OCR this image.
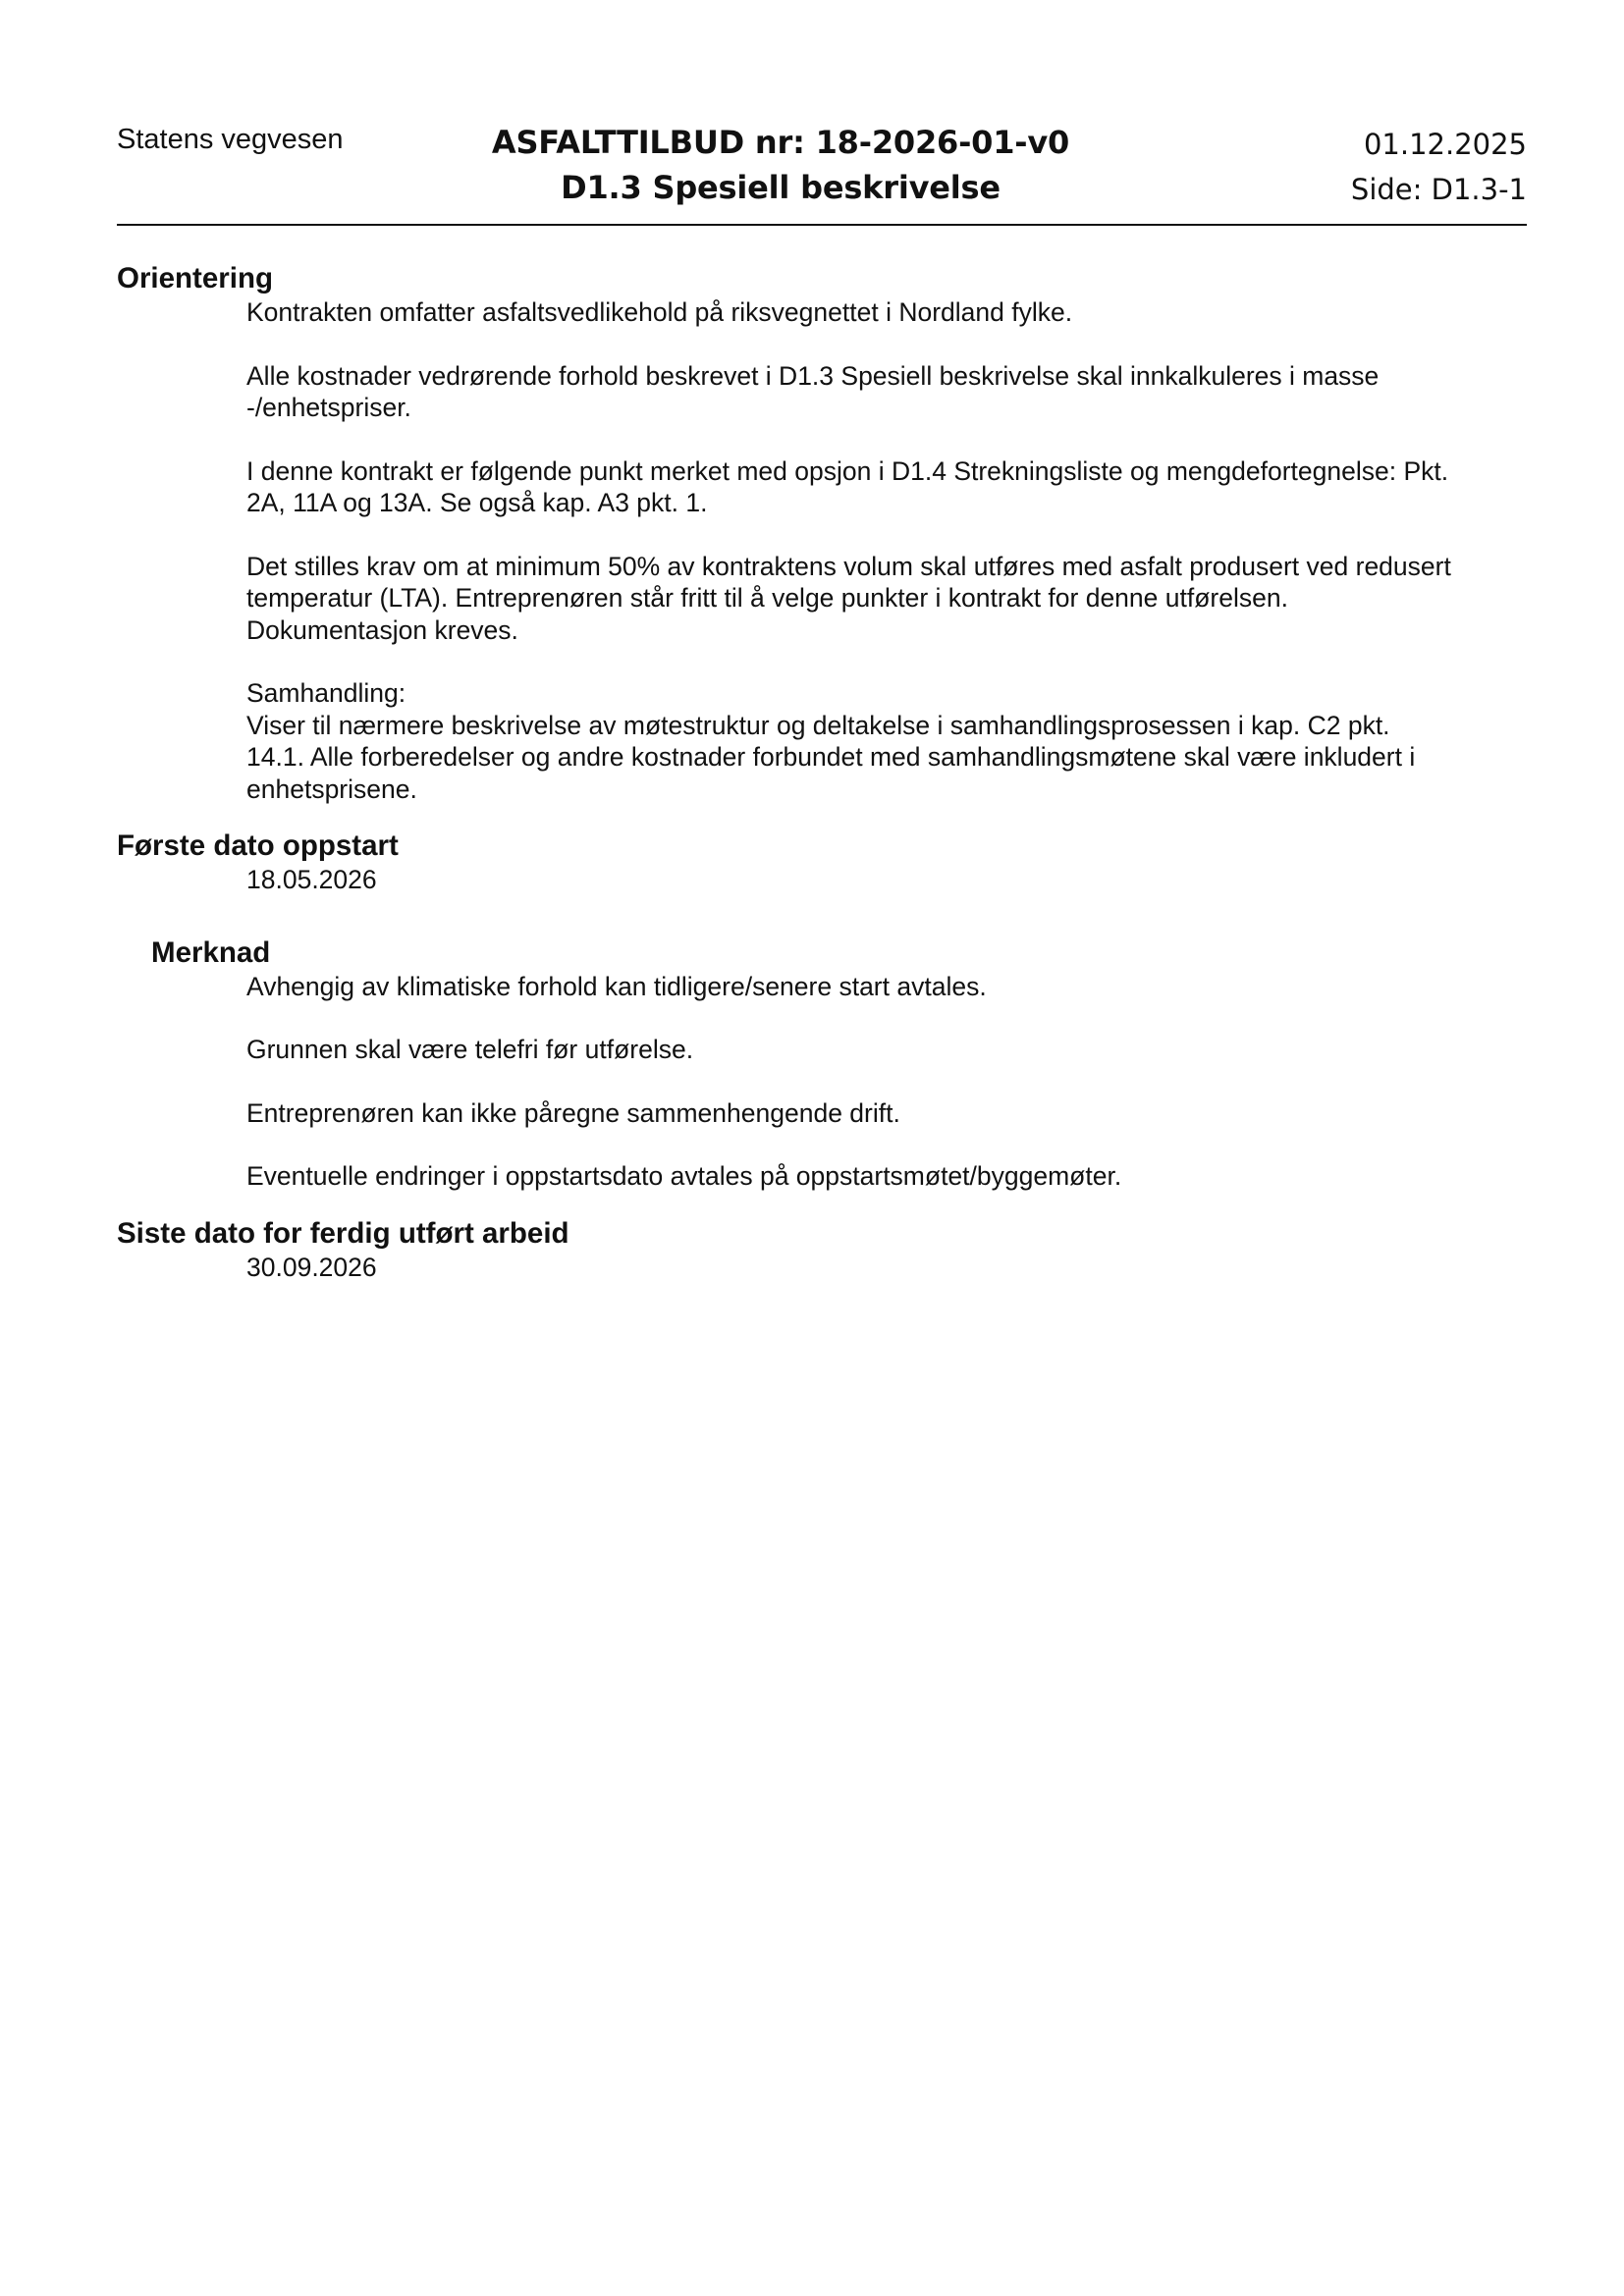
Statens vegvesen	ASFALTTILBUD nr: 18-2026-01-v0
D1.3 Spesiell beskrivelse
01.12.2025
Side: D1.3-1
Orientering
Kontrakten omfatter asfaltsvedlikehold på riksvegnettet i Nordland fylke.
Alle kostnader vedrørende forhold beskrevet i D1.3 Spesiell beskrivelse skal innkalkuleres i masse
-/enhetspriser.
I denne kontrakt er følgende punkt merket med opsjon i D1.4 Strekningsliste og mengdefortegnelse: Pkt.
2A, 11A og 13A. Se også kap. A3 pkt. 1.
Det stilles krav om at minimum 50% av kontraktens volum skal utføres med asfalt produsert ved redusert
temperatur (LTA). Entreprenøren står fritt til å velge punkter i kontrakt for denne utførelsen.
Dokumentasjon kreves.
Samhandling:
Viser til nærmere beskrivelse av møtestruktur og deltakelse i samhandlingsprosessen i kap. C2 pkt.
14.1. Alle forberedelser og andre kostnader forbundet med samhandlingsmøtene skal være inkludert i
enhetsprisene.
Første dato oppstart
18.05.2026
Merknad
Avhengig av klimatiske forhold kan tidligere/senere start avtales.
Grunnen skal være telefri før utførelse.
Entreprenøren kan ikke påregne sammenhengende drift.
Eventuelle endringer i oppstartsdato avtales på oppstartsmøtet/byggemøter.
Siste dato for ferdig utført arbeid
30.09.2026
